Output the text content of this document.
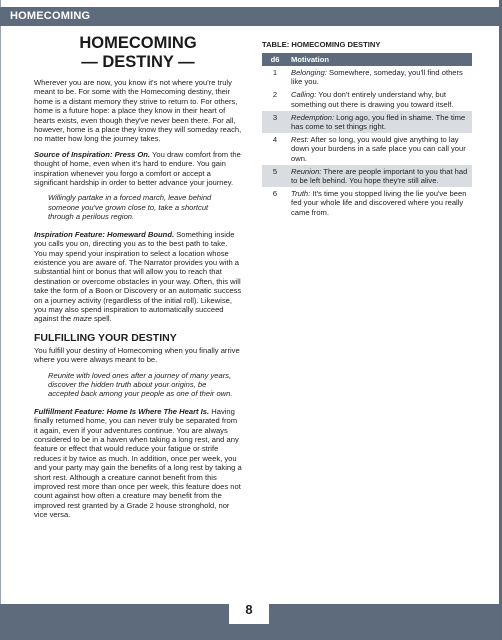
HOMECOMING
HOMECOMING
— DESTINY —

Wherever you are now, you know it's not where you're truly meant to be. For some with the Homecoming destiny, their home is a distant memory they strive to return to. For others, home is a future hope: a place they know in their heart of hearts exists, even though they've never been there. For all, however, home is a place they know they will someday reach, no matter how long the journey takes.

Source of Inspiration: Press On. You draw comfort from the thought of home, even when it's hard to endure. You gain inspiration whenever you forgo a comfort or accept a significant hardship in order to better advance your journey.

Willingly partake in a forced march, leave behind someone you've grown close to, take a shortcut through a perilous region.

Inspiration Feature: Homeward Bound. Something inside you calls you on, directing you as to the best path to take. You may spend your inspiration to select a location whose existence you are aware of. The Narrator provides you with a substantial hint or bonus that will allow you to reach that destination or overcome obstacles in your way. Often, this will take the form of a Boon or Discovery or an automatic success on a journey activity (regardless of the initial roll). Likewise, you may also spend inspiration to automatically succeed against the maze spell.

FULFILLING YOUR DESTINY

You fulfill your destiny of Homecoming when you finally arrive where you were always meant to be.

Reunite with loved ones after a journey of many years, discover the hidden truth about your origins, be accepted back among your people as one of their own.

Fulfillment Feature: Home Is Where The Heart Is. Having finally returned home, you can never truly be separated from it again, even if your adventures continue. You are always considered to be in a haven when taking a long rest, and any feature or effect that would reduce your fatigue or strife reduces it by twice as much. In addition, once per week, you and your party may gain the benefits of a long rest by taking a short rest. Although a creature cannot benefit from this improved rest more than once per week, this feature does not count against how often a creature may benefit from the improved rest granted by a Grade 2 house stronghold, nor vice versa.

TABLE: HOMECOMING DESTINY
d6	Motivation
1	Belonging: Somewhere, someday, you'll find others like you.
2	Calling: You don't entirely understand why, but something out there is drawing you toward itself.
3	Redemption: Long ago, you fled in shame. The time has come to set things right.
4	Rest: After so long, you would give anything to lay down your burdens in a safe place you can call your own.
5	Reunion: There are people important to you that had to be left behind. You hope they're still alive.
6	Truth: It's time you stopped living the lie you've been fed your whole life and discovered where you really came from.
8
